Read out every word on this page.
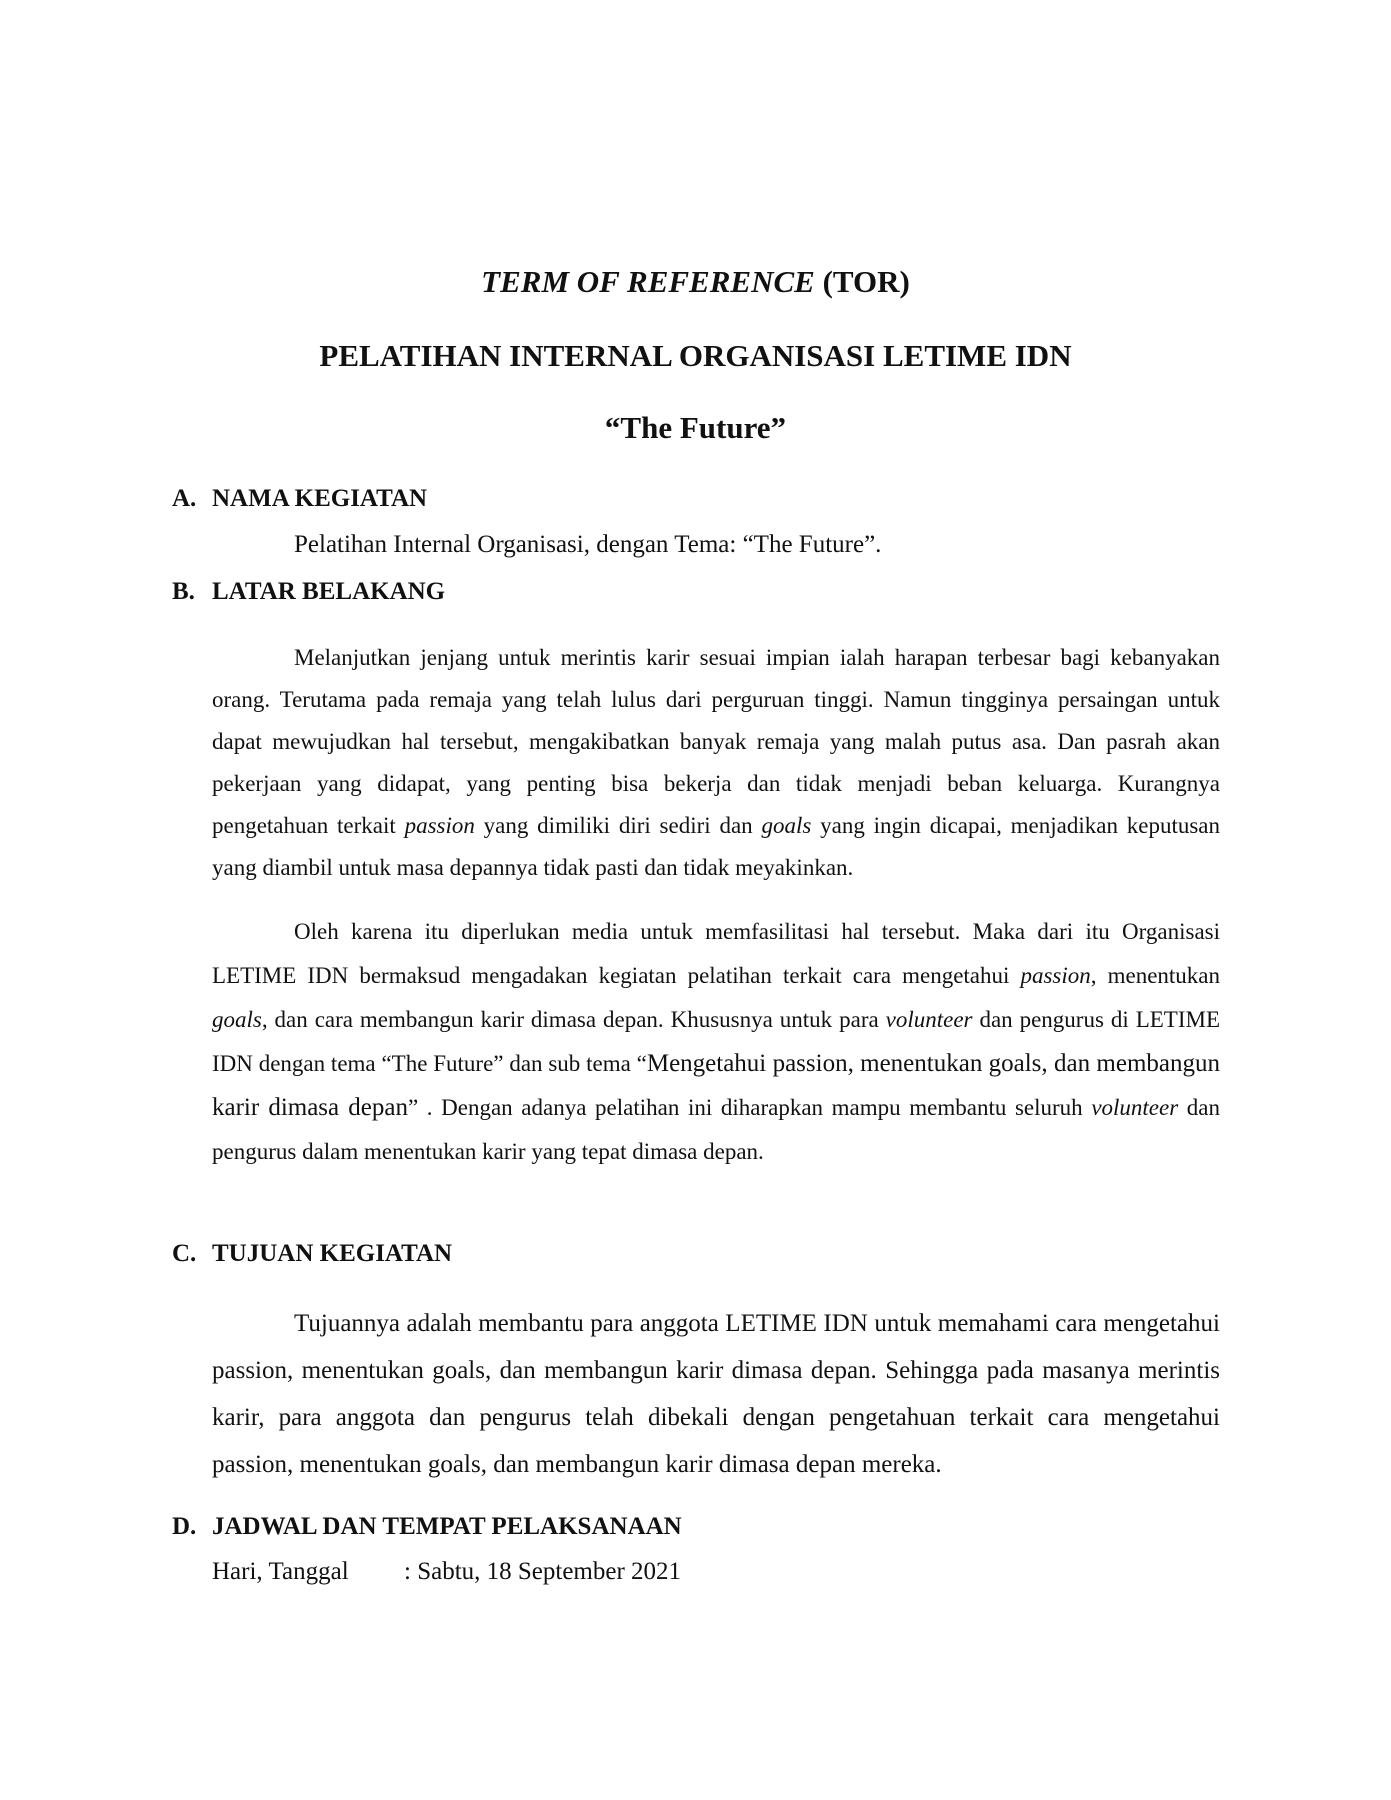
TERM OF REFERENCE (TOR)
PELATIHAN INTERNAL ORGANISASI LETIME IDN
“The Future”
A. NAMA KEGIATAN
Pelatihan Internal Organisasi, dengan Tema: “The Future”.
B. LATAR BELAKANG

Melanjutkan jenjang untuk merintis karir sesuai impian ialah harapan terbesar bagi kebanyakan orang. Terutama pada remaja yang telah lulus dari perguruan tinggi. Namun tingginya persaingan untuk dapat mewujudkan hal tersebut, mengakibatkan banyak remaja yang malah putus asa. Dan pasrah akan pekerjaan yang didapat, yang penting bisa bekerja dan tidak menjadi beban keluarga. Kurangnya pengetahuan terkait passion yang dimiliki diri sediri dan goals yang ingin dicapai, menjadikan keputusan yang diambil untuk masa depannya tidak pasti dan tidak meyakinkan.

Oleh karena itu diperlukan media untuk memfasilitasi hal tersebut. Maka dari itu Organisasi LETIME IDN bermaksud mengadakan kegiatan pelatihan terkait cara mengetahui passion, menentukan goals, dan cara membangun karir dimasa depan. Khususnya untuk para volunteer dan pengurus di LETIME IDN dengan tema “The Future” dan sub tema “Mengetahui passion, menentukan goals, dan membangun karir dimasa depan” . Dengan adanya pelatihan ini diharapkan mampu membantu seluruh volunteer dan pengurus dalam menentukan karir yang tepat dimasa depan.

C. TUJUAN KEGIATAN

Tujuannya adalah membantu para anggota LETIME IDN untuk memahami cara mengetahui passion, menentukan goals, dan membangun karir dimasa depan. Sehingga pada masanya merintis karir, para anggota dan pengurus telah dibekali dengan pengetahuan terkait cara mengetahui passion, menentukan goals, dan membangun karir dimasa depan mereka.

D. JADWAL DAN TEMPAT PELAKSANAAN
Hari, Tanggal : Sabtu, 18 September 2021
